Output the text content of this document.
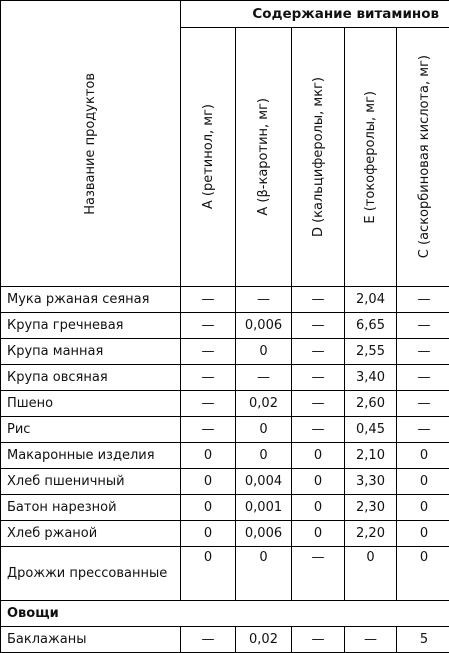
Название продуктов	Содержание витаминов				

	А (ретинол, мг)	А (β-каротин, мг)	D (кальциферолы, мкг)	Е (токоферолы, мг)	С (аскорбиновая кислота, мг)

Мука ржаная сеяная	—	—	—	2,04	—
Крупа гречневая	—	0,006	—	6,65	—
Крупа манная	—	0	—	2,55	—
Крупа овсяная	—	—	—	3,40	—
Пшено	—	0,02	—	2,60	—
Рис	—	0	—	0,45	—
Макаронные изделия	0	0	0	2,10	0
Хлеб пшеничный	0	0,004	0	3,30	0
Батон нарезной	0	0,001	0	2,30	0
Хлеб ржаной	0	0,006	0	2,20	0
Дрожжи прессованные	0	0	—	0	0
Овощи					
Баклажаны	—	0,02	—	—	5
